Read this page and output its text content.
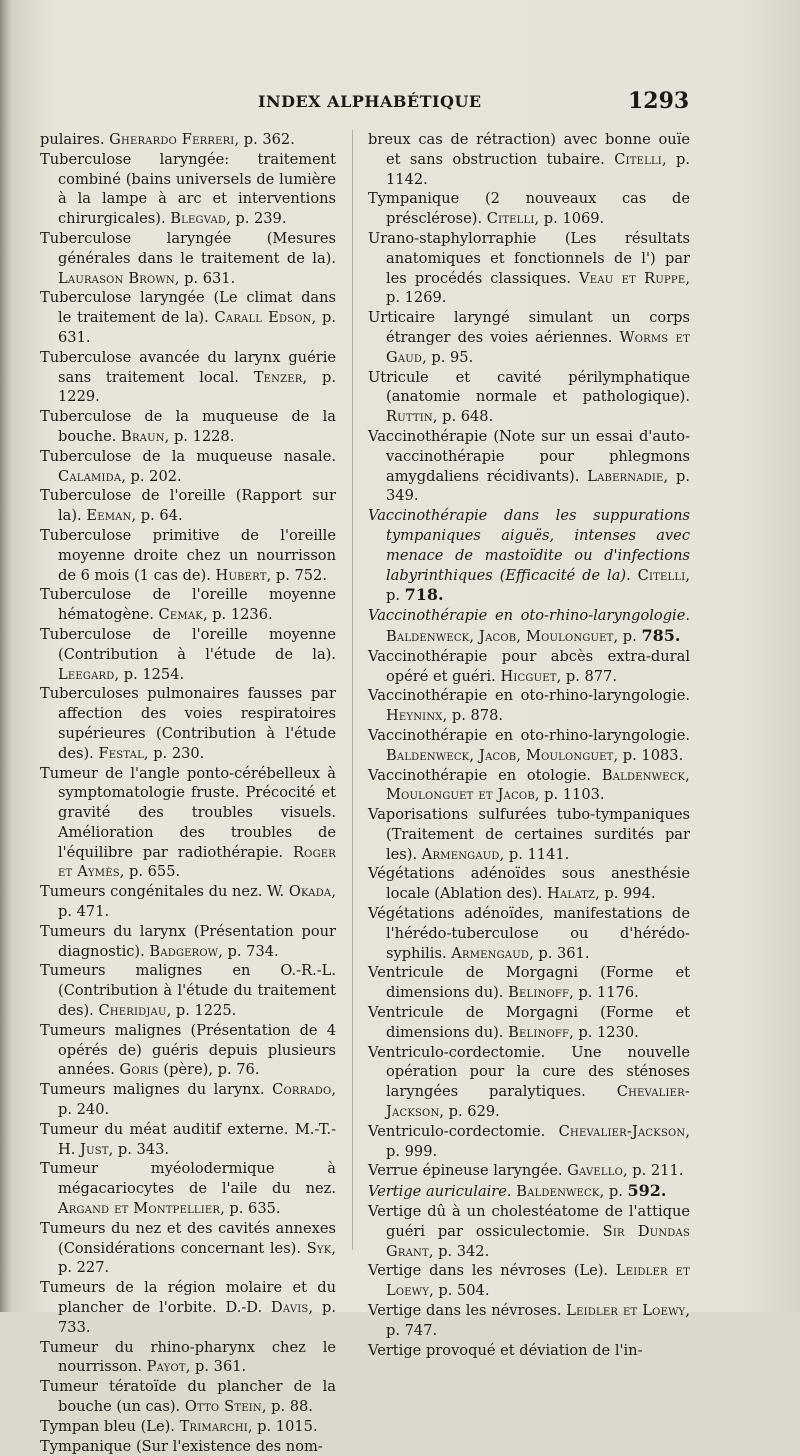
INDEX ALPHABÉTIQUE	1293

pulaires. Gherardo Ferreri, p. 362.

Tuberculose laryngée: traitement combiné (bains universels de lumière à la lampe à arc et interventions chirurgicales). Blegvad, p. 239.

Tuberculose laryngée (Mesures générales dans le traitement de la). Laurason Brown, p. 631.

Tuberculose laryngée (Le climat dans le traitement de la). Carall Edson, p. 631.

Tuberculose avancée du larynx guérie sans traitement local. Tenzer, p. 1229.

Tuberculose de la muqueuse de la bouche. Braun, p. 1228.

Tuberculose de la muqueuse nasale. Calamida, p. 202.

Tuberculose de l'oreille (Rapport sur la). Eeman, p. 64.

Tuberculose primitive de l'oreille moyenne droite chez un nourrisson de 6 mois (1 cas de). Hubert, p. 752.

Tuberculose de l'oreille moyenne hématogène. Cemak, p. 1236.

Tuberculose de l'oreille moyenne (Contribution à l'étude de la). Leegard, p. 1254.

Tuberculoses pulmonaires fausses par affection des voies respiratoires supérieures (Contribution à l'étude des). Festal, p. 230.

Tumeur de l'angle ponto-cérébelleux à symptomatologie fruste. Précocité et gravité des troubles visuels. Amélioration des troubles de l'équilibre par radiothérapie. Roger et Aymès, p. 655.

Tumeurs congénitales du nez. W. Okada, p. 471.

Tumeurs du larynx (Présentation pour diagnostic). Badgerow, p. 734.

Tumeurs malignes en O.-R.-L. (Contribution à l'étude du traitement des). Cheridjau, p. 1225.

Tumeurs malignes (Présentation de 4 opérés de) guéris depuis plusieurs années. Goris (père), p. 76.

Tumeurs malignes du larynx. Corrado, p. 240.

Tumeur du méat auditif externe. M.-T.-H. Just, p. 343.

Tumeur myéolodermique à mégacariocytes de l'aile du nez. Argand et Montpellier, p. 635.

Tumeurs du nez et des cavités annexes (Considérations concernant les). Syk, p. 227.

Tumeurs de la région molaire et du plancher de l'orbite. D.-D. Davis, p. 733.

Tumeur du rhino-pharynx chez le nourrisson. Payot, p. 361.

Tumeur tératoïde du plancher de la bouche (un cas). Otto Stein, p. 88.

Tympan bleu (Le). Trimarchi, p. 1015.

Tympanique (Sur l'existence des nom-

breux cas de rétraction) avec bonne ouïe et sans obstruction tubaire. Citelli, p. 1142.

Tympanique (2 nouveaux cas de présclérose). Citelli, p. 1069.

Urano-staphylorraphie (Les résultats anatomiques et fonctionnels de l') par les procédés classiques. Veau et Ruppe, p. 1269.

Urticaire laryngé simulant un corps étranger des voies aériennes. Worms et Gaud, p. 95.

Utricule et cavité périlymphatique (anatomie normale et pathologique). Ruttin, p. 648.

Vaccinothérapie (Note sur un essai d'auto-vaccinothérapie pour phlegmons amygdaliens récidivants). Labernadie, p. 349.

Vaccinothérapie dans les suppurations tympaniques aiguës, intenses avec menace de mastoïdite ou d'infections labyrinthiques (Efficacité de la). Citelli, p. 718.

Vaccinothérapie en oto-rhino-laryngologie. Baldenweck, Jacob, Moulonguet, p. 785.

Vaccinothérapie pour abcès extra-dural opéré et guéri. Hicguet, p. 877.

Vaccinothérapie en oto-rhino-laryngologie. Heyninx, p. 878.

Vaccinothérapie en oto-rhino-laryngologie. Baldenweck, Jacob, Moulonguet, p. 1083.

Vaccinothérapie en otologie. Baldenweck, Moulonguet et Jacob, p. 1103.

Vaporisations sulfurées tubo-tympaniques (Traitement de certaines surdités par les). Armengaud, p. 1141.

Végétations adénoïdes sous anesthésie locale (Ablation des). Halatz, p. 994.

Végétations adénoïdes, manifestations de l'hérédo-tuberculose ou d'hérédo-syphilis. Armengaud, p. 361.

Ventricule de Morgagni (Forme et dimensions du). Belinoff, p. 1176.

Ventricule de Morgagni (Forme et dimensions du). Belinoff, p. 1230.

Ventriculo-cordectomie. Une nouvelle opération pour la cure des sténoses laryngées paralytiques. Chevalier-Jackson, p. 629.

Ventriculo-cordectomie. Chevalier-Jackson, p. 999.

Verrue épineuse laryngée. Gavello, p. 211.

Vertige auriculaire. Baldenweck, p. 592.

Vertige dû à un cholestéatome de l'attique guéri par ossiculectomie. Sir Dundas Grant, p. 342.

Vertige dans les névroses (Le). Leidler et Loewy, p. 504.

Vertige dans les névroses. Leidler et Loewy, p. 747.

Vertige provoqué et déviation de l'in-
